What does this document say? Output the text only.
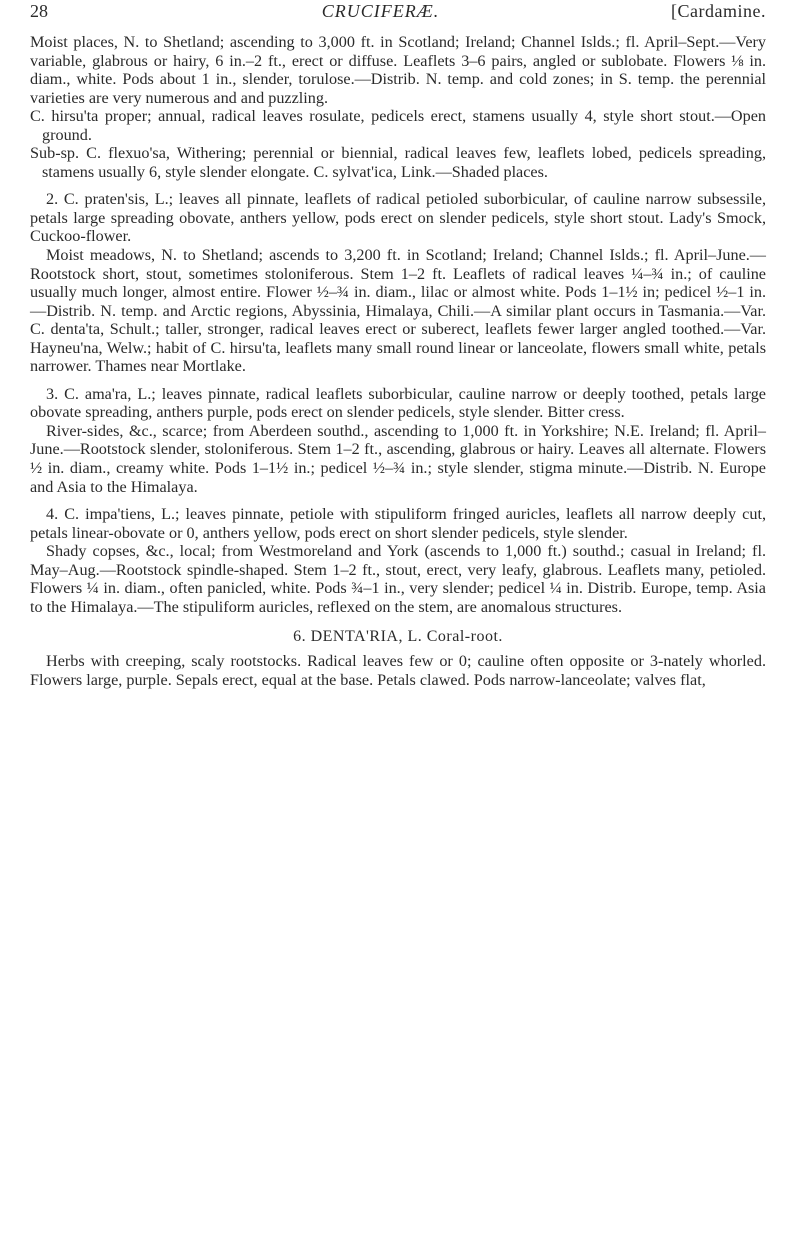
28	CRUCIFERÆ.	[Cardamine.

Moist places, N. to Shetland; ascending to 3,000 ft. in Scotland; Ireland; Channel Islds.; fl. April–Sept.—Very variable, glabrous or hairy, 6 in.–2 ft., erect or diffuse. Leaflets 3–6 pairs, angled or sublobate. Flowers ⅛ in. diam., white. Pods about 1 in., slender, torulose.—Distrib. N. temp. and cold zones; in S. temp. the perennial varieties are very numerous and and puzzling.

C. hirsu'ta proper; annual, radical leaves rosulate, pedicels erect, stamens usually 4, style short stout.—Open ground.

Sub-sp. C. flexuo'sa, Withering; perennial or biennial, radical leaves few, leaflets lobed, pedicels spreading, stamens usually 6, style slender elongate. C. sylvat'ica, Link.—Shaded places.

2. C. praten'sis, L.; leaves all pinnate, leaflets of radical petioled suborbicular, of cauline narrow subsessile, petals large spreading obovate, anthers yellow, pods erect on slender pedicels, style short stout. Lady's Smock, Cuckoo-flower.

Moist meadows, N. to Shetland; ascends to 3,200 ft. in Scotland; Ireland; Channel Islds.; fl. April–June.—Rootstock short, stout, sometimes stoloniferous. Stem 1–2 ft. Leaflets of radical leaves ¼–¾ in.; of cauline usually much longer, almost entire. Flower ½–¾ in. diam., lilac or almost white. Pods 1–1½ in; pedicel ½–1 in.—Distrib. N. temp. and Arctic regions, Abyssinia, Himalaya, Chili.—A similar plant occurs in Tasmania.—Var. C. denta'ta, Schult.; taller, stronger, radical leaves erect or suberect, leaflets fewer larger angled toothed.—Var. Hayneu'na, Welw.; habit of C. hirsu'ta, leaflets many small round linear or lanceolate, flowers small white, petals narrower. Thames near Mortlake.

3. C. ama'ra, L.; leaves pinnate, radical leaflets suborbicular, cauline narrow or deeply toothed, petals large obovate spreading, anthers purple, pods erect on slender pedicels, style slender. Bitter cress.

River-sides, &c., scarce; from Aberdeen southd., ascending to 1,000 ft. in Yorkshire; N.E. Ireland; fl. April–June.—Rootstock slender, stoloniferous. Stem 1–2 ft., ascending, glabrous or hairy. Leaves all alternate. Flowers ½ in. diam., creamy white. Pods 1–1½ in.; pedicel ½–¾ in.; style slender, stigma minute.—Distrib. N. Europe and Asia to the Himalaya.

4. C. impa'tiens, L.; leaves pinnate, petiole with stipuliform fringed auricles, leaflets all narrow deeply cut, petals linear-obovate or 0, anthers yellow, pods erect on short slender pedicels, style slender.

Shady copses, &c., local; from Westmoreland and York (ascends to 1,000 ft.) southd.; casual in Ireland; fl. May–Aug.—Rootstock spindle-shaped. Stem 1–2 ft., stout, erect, very leafy, glabrous. Leaflets many, petioled. Flowers ¼ in. diam., often panicled, white. Pods ¾–1 in., very slender; pedicel ¼ in. Distrib. Europe, temp. Asia to the Himalaya.—The stipuliform auricles, reflexed on the stem, are anomalous structures.

6. DENTA'RIA, L. Coral-root.

Herbs with creeping, scaly rootstocks. Radical leaves few or 0; cauline often opposite or 3-nately whorled. Flowers large, purple. Sepals erect, equal at the base. Petals clawed. Pods narrow-lanceolate; valves flat,
